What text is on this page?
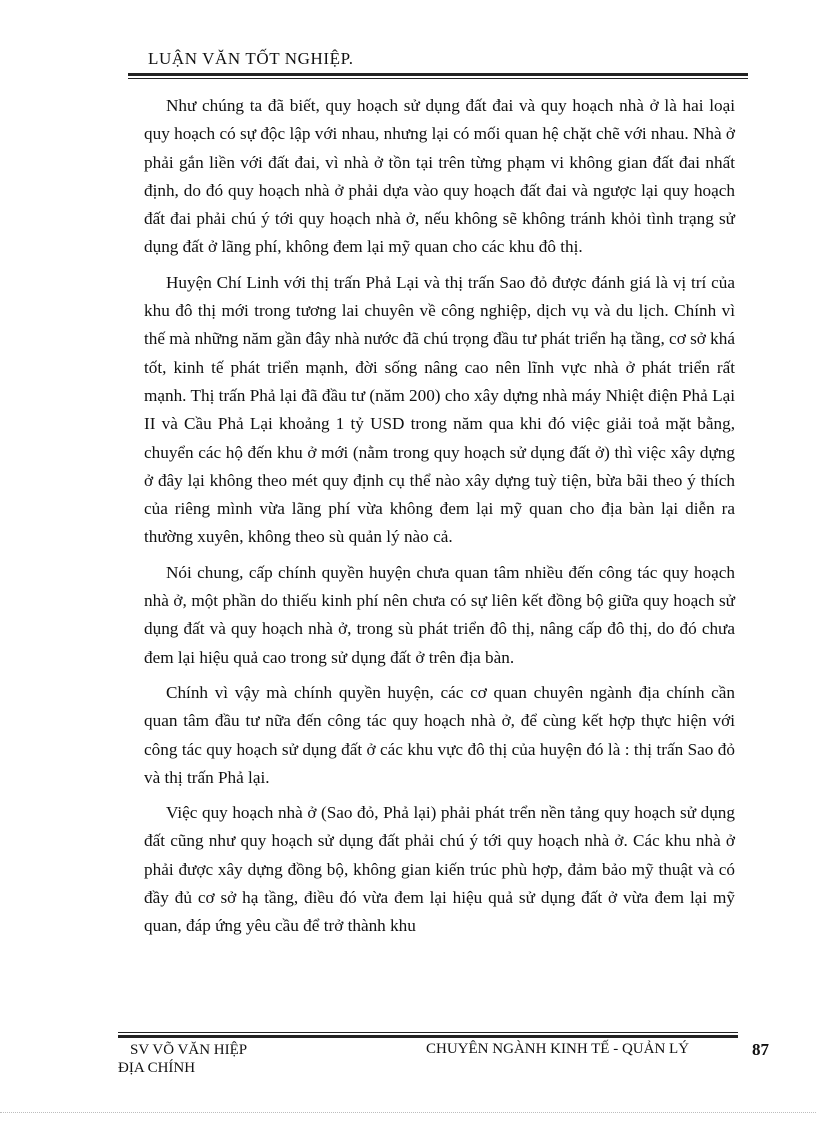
LUẬN VĂN TỐT NGHIỆP.

Như chúng ta đã biết, quy hoạch sử dụng đất đai và quy hoạch nhà ở là hai loại quy hoạch có sự độc lập với nhau, nhưng lại có mối quan hệ chặt chẽ với nhau. Nhà ở phải gắn liền với đất đai, vì nhà ở tồn tại trên từng phạm vi không gian đất đai nhất định, do đó quy hoạch nhà ở phải dựa vào quy hoạch đất đai và ngược lại quy hoạch đất đai phải chú ý tới quy hoạch nhà ở, nếu không sẽ không tránh khỏi tình trạng sử dụng đất ở lãng phí, không đem lại mỹ quan cho các khu đô thị.

Huyện Chí Linh với thị trấn Phả Lại và thị trấn Sao đỏ được đánh giá là vị trí của khu đô thị mới trong tương lai chuyên về công nghiệp, dịch vụ và du lịch. Chính vì thế mà những năm gần đây nhà nước đã chú trọng đầu tư phát triển hạ tầng, cơ sở khá tốt, kinh tế phát triển mạnh, đời sống nâng cao nên lĩnh vực nhà ở phát triển rất mạnh. Thị trấn Phả lại đã đầu tư (năm 200) cho xây dựng nhà máy Nhiệt điện Phả Lại II và Cầu Phả Lại khoảng 1 tỷ USD trong năm qua khi đó việc giải toả mặt bằng, chuyển các hộ đến khu ở mới (nằm trong quy hoạch sử dụng đất ở) thì việc xây dựng ở đây lại không theo mét quy định cụ thể nào xây dựng tuỳ tiện, bừa bãi theo ý thích của riêng mình vừa lãng phí vừa không đem lại mỹ quan cho địa bàn lại diễn ra thường xuyên, không theo sù quản lý nào cả.

Nói chung, cấp chính quyền huyện chưa quan tâm nhiều đến công tác quy hoạch nhà ở, một phần do thiếu kinh phí nên chưa có sự liên kết đồng bộ giữa quy hoạch sử dụng đất và quy hoạch nhà ở, trong sù phát triển đô thị, nâng cấp đô thị, do đó chưa đem lại hiệu quả cao trong sử dụng đất ở trên địa bàn.

Chính vì vậy mà chính quyền huyện, các cơ quan chuyên ngành địa chính cần quan tâm đầu tư nữa đến công tác quy hoạch nhà ở, để cùng kết hợp thực hiện với công tác quy hoạch sử dụng đất ở các khu vực đô thị của huyện đó là : thị trấn Sao đỏ và thị trấn Phả lại.

Việc quy hoạch nhà ở (Sao đỏ, Phả lại) phải phát trển nền tảng quy hoạch sử dụng đất cũng như quy hoạch sử dụng đất phải chú ý tới quy hoạch nhà ở. Các khu nhà ở phải được xây dựng đồng bộ, không gian kiến trúc phù hợp, đảm bảo mỹ thuật và có đầy đủ cơ sở hạ tầng, điều đó vừa đem lại hiệu quả sử dụng đất ở vừa đem lại mỹ quan, đáp ứng yêu cầu để trở thành khu

SV VÕ VĂN HIỆP
ĐỊA CHÍNH
CHUYÊN NGÀNH KINH TẾ - QUẢN LÝ	87
